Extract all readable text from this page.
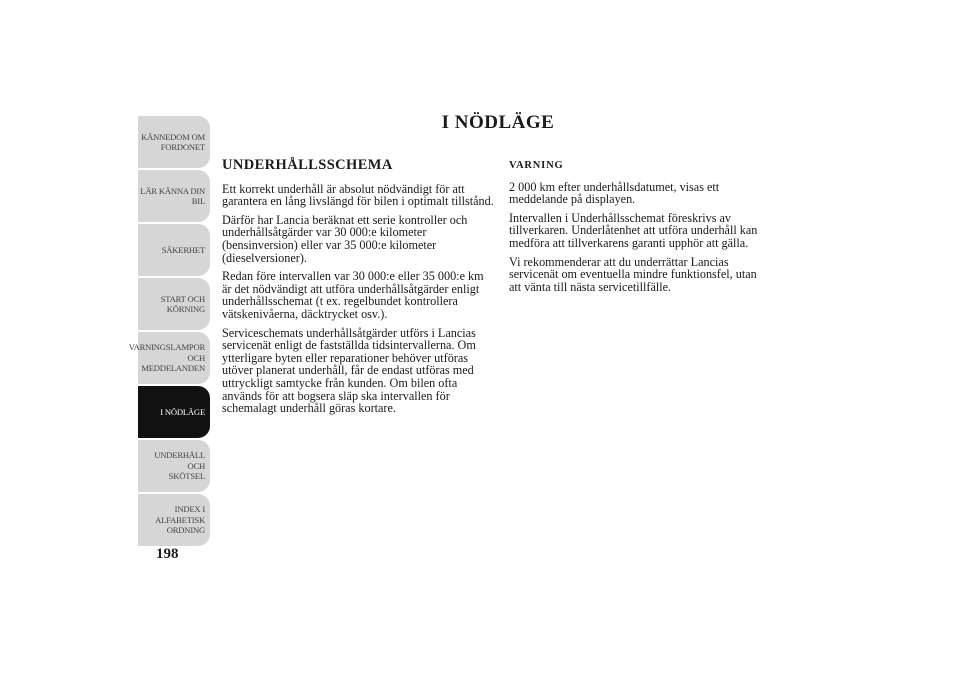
KÄNNEDOM OM
FORDONET
LÄR KÄNNA DIN
BIL
SÄKERHET
START OCH
KÖRNING
VARNINGSLAMPOR
OCH
MEDDELANDEN
I NÖDLÄGE
UNDERHÅLL OCH
SKÖTSEL
INDEX I
ALFABETISK
ORDNING
198
I NÖDLÄGE
UNDERHÅLLSSCHEMA

Ett korrekt underhåll är absolut nödvändigt för att garantera en lång livslängd för bilen i optimalt tillstånd.

Därför har Lancia beräknat ett serie kontroller och underhållsåtgärder var 30 000:e kilometer (bensinversion) eller var 35 000:e kilometer (dieselversioner).

Redan före intervallen var 30 000:e eller 35 000:e km är det nödvändigt att utföra underhållsåtgärder enligt underhållsschemat (t ex. regelbundet kontrollera vätskenivåerna, däcktrycket osv.).

Serviceschemats underhållsåtgärder utförs i Lancias servicenät enligt de fastställda tidsintervallerna. Om ytterligare byten eller reparationer behöver utföras utöver planerat underhåll, får de endast utföras med uttryckligt samtycke från kunden. Om bilen ofta används för att bogsera släp ska intervallen för schemalagt underhåll göras kortare.

VARNING

2 000 km efter underhållsdatumet, visas ett meddelande på displayen.

Intervallen i Underhållsschemat föreskrivs av tillverkaren. Underlåtenhet att utföra underhåll kan medföra att tillverkarens garanti upphör att gälla.

Vi rekommenderar att du underrättar Lancias servicenät om eventuella mindre funktionsfel, utan att vänta till nästa servicetillfälle.
